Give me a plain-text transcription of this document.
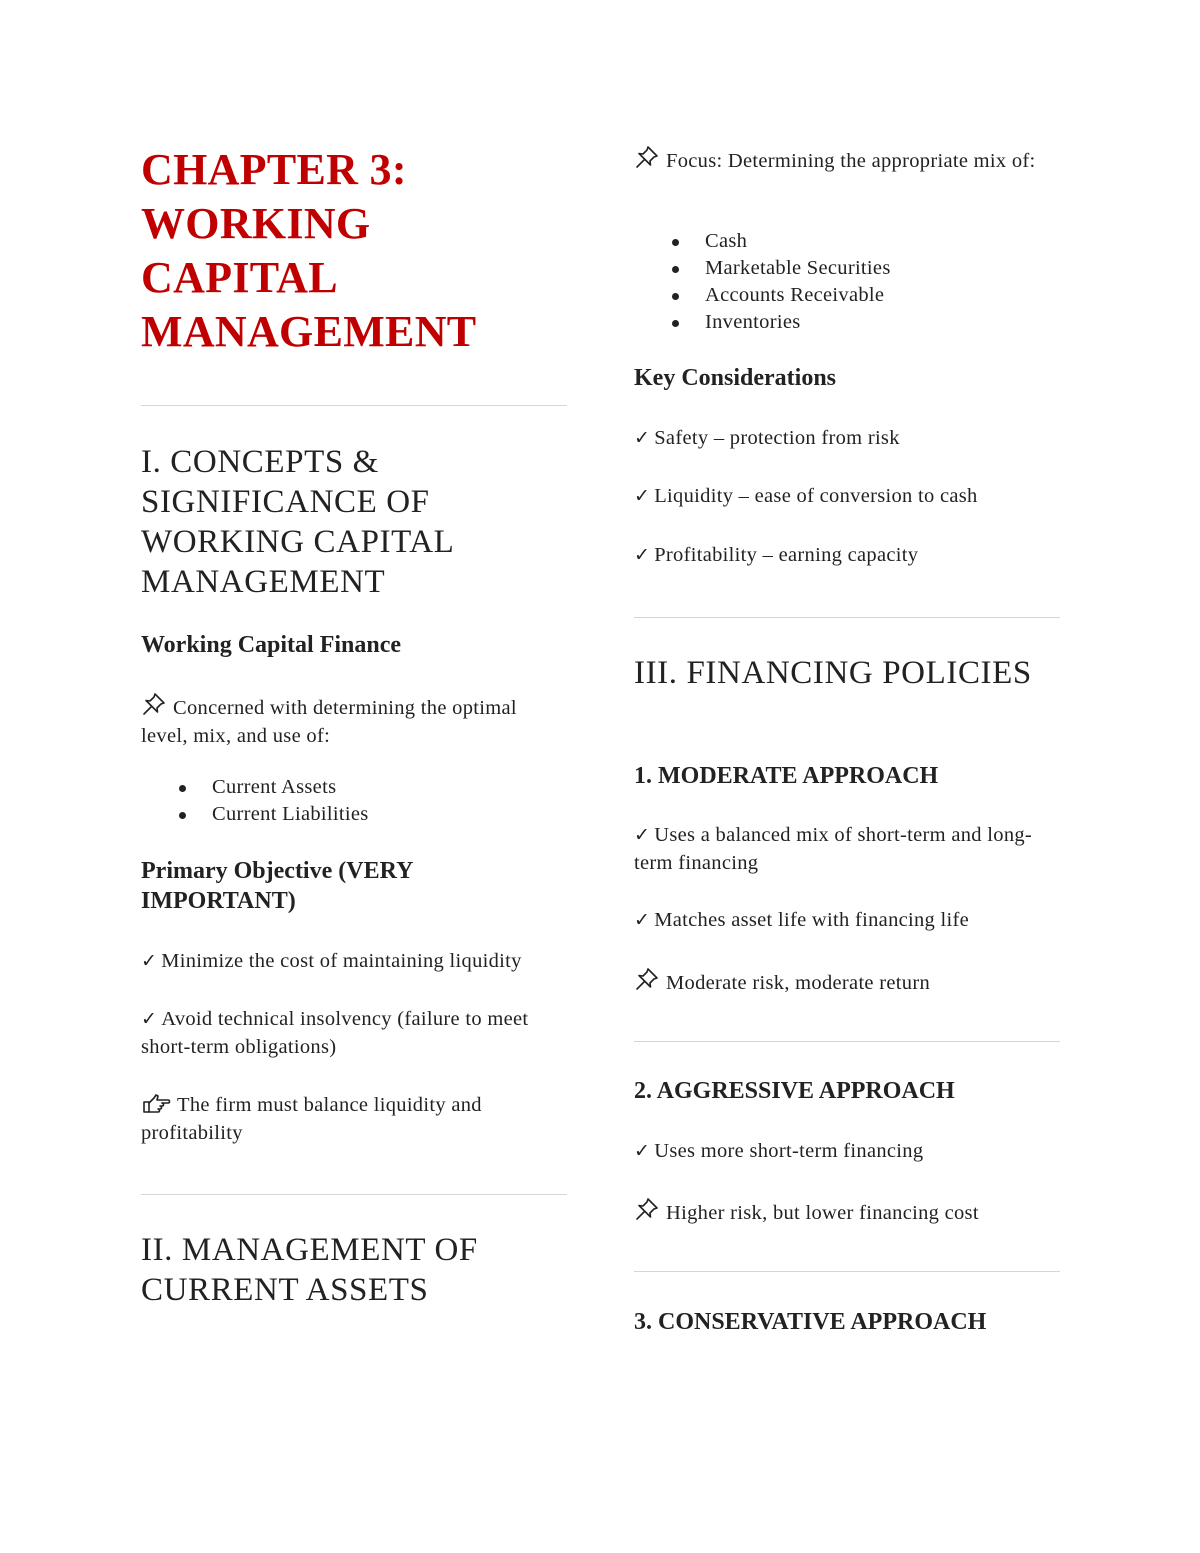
CHAPTER 3: WORKING CAPITAL MANAGEMENT
I. CONCEPTS & SIGNIFICANCE OF WORKING CAPITAL MANAGEMENT
Working Capital Finance

Concerned with determining the optimal level, mix, and use of:

Current Assets
Current Liabilities
Primary Objective (VERY IMPORTANT)

✓ Minimize the cost of maintaining liquidity

✓ Avoid technical insolvency (failure to meet short-term obligations)

The firm must balance liquidity and profitability

II. MANAGEMENT OF CURRENT ASSETS

Focus: Determining the appropriate mix of:

Cash
Marketable Securities
Accounts Receivable
Inventories
Key Considerations

✓ Safety – protection from risk

✓ Liquidity – ease of conversion to cash

✓ Profitability – earning capacity

III. FINANCING POLICIES
1. MODERATE APPROACH

✓ Uses a balanced mix of short-term and long-term financing

✓ Matches asset life with financing life

Moderate risk, moderate return

2. AGGRESSIVE APPROACH

✓ Uses more short-term financing

Higher risk, but lower financing cost

3. CONSERVATIVE APPROACH
